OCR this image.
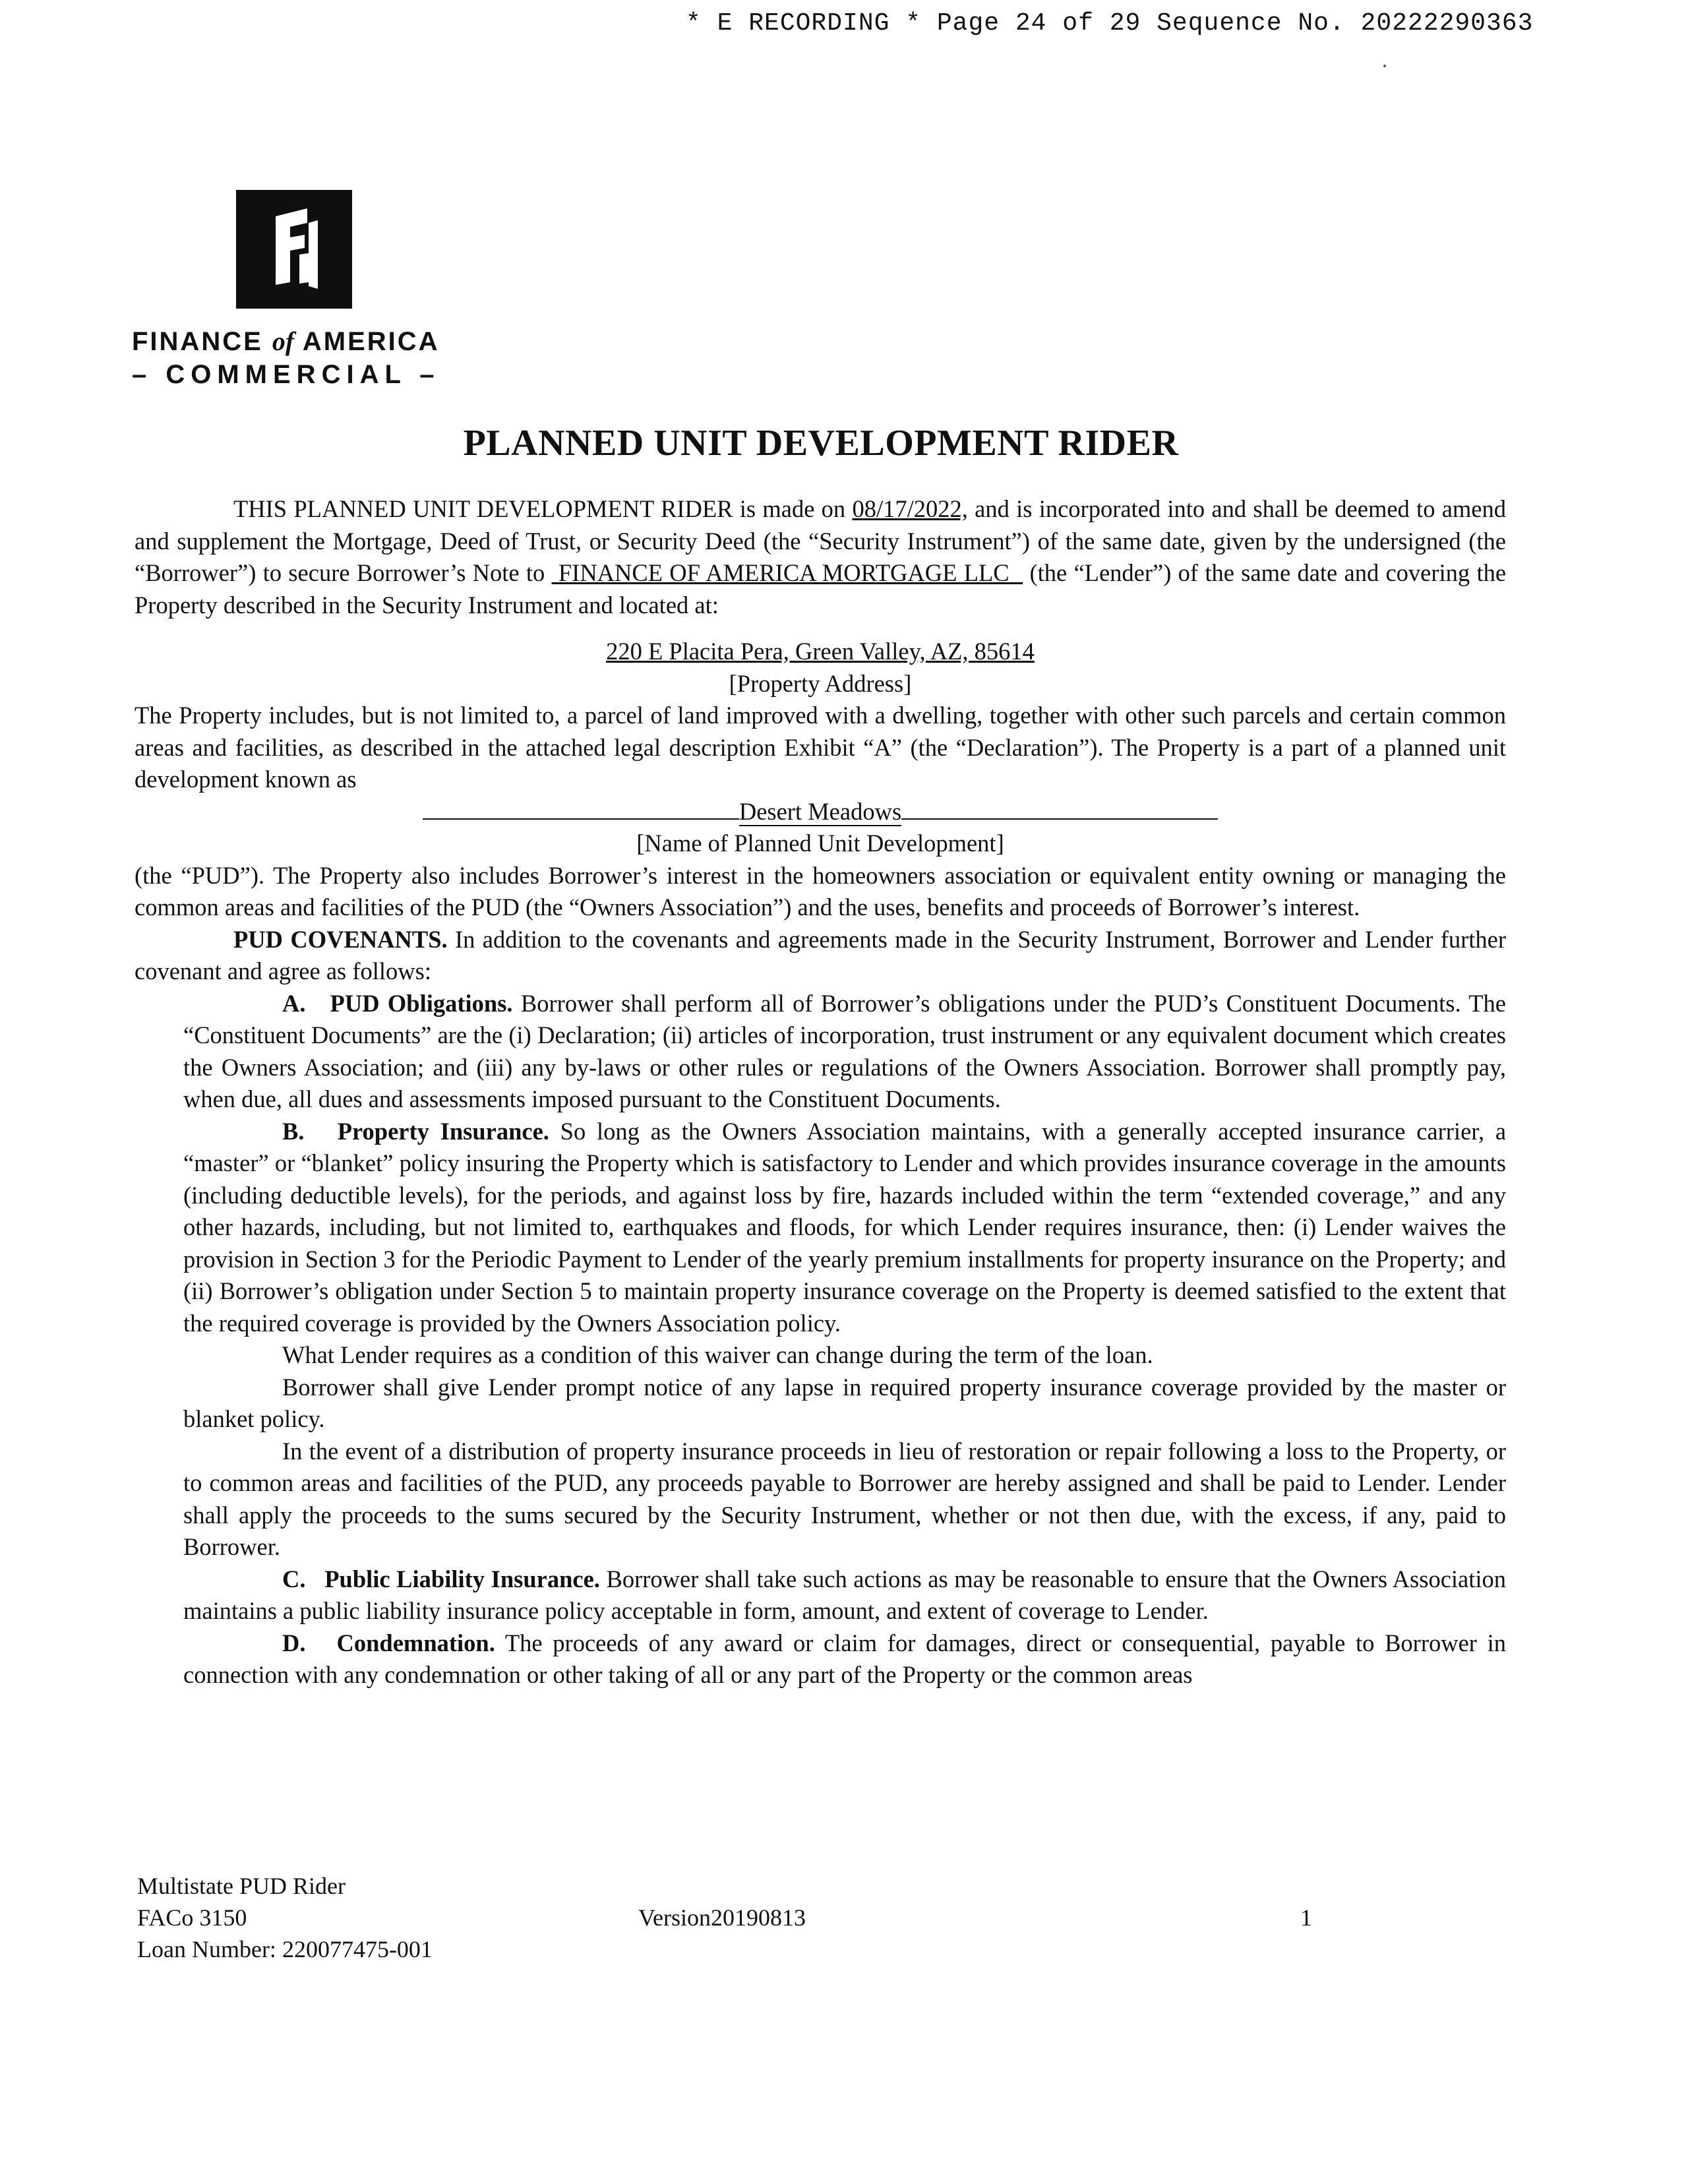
* E RECORDING * Page 24 of 29 Sequence No. 20222290363
FINANCE of AMERICA
– COMMERCIAL –
PLANNED UNIT DEVELOPMENT RIDER

THIS PLANNED UNIT DEVELOPMENT RIDER is made on 08/17/2022, and is incorporated into and shall be deemed to amend and supplement the Mortgage, Deed of Trust, or Security Deed (the “Security Instrument”) of the same date, given by the undersigned (the “Borrower”) to secure Borrower’s Note to FINANCE OF AMERICA MORTGAGE LLC (the “Lender”) of the same date and covering the Property described in the Security Instrument and located at:

220 E Placita Pera, Green Valley, AZ, 85614

[Property Address]

The Property includes, but is not limited to, a parcel of land improved with a dwelling, together with other such parcels and certain common areas and facilities, as described in the attached legal description Exhibit “A” (the “Declaration”). The Property is a part of a planned unit development known as

Desert Meadows

[Name of Planned Unit Development]

(the “PUD”). The Property also includes Borrower’s interest in the homeowners association or equivalent entity owning or managing the common areas and facilities of the PUD (the “Owners Association”) and the uses, benefits and proceeds of Borrower’s interest.

PUD COVENANTS. In addition to the covenants and agreements made in the Security Instrument, Borrower and Lender further covenant and agree as follows:

A. PUD Obligations. Borrower shall perform all of Borrower’s obligations under the PUD’s Constituent Documents. The “Constituent Documents” are the (i) Declaration; (ii) articles of incorporation, trust instrument or any equivalent document which creates the Owners Association; and (iii) any by-laws or other rules or regulations of the Owners Association. Borrower shall promptly pay, when due, all dues and assessments imposed pursuant to the Constituent Documents.

B. Property Insurance. So long as the Owners Association maintains, with a generally accepted insurance carrier, a “master” or “blanket” policy insuring the Property which is satisfactory to Lender and which provides insurance coverage in the amounts (including deductible levels), for the periods, and against loss by fire, hazards included within the term “extended coverage,” and any other hazards, including, but not limited to, earthquakes and floods, for which Lender requires insurance, then: (i) Lender waives the provision in Section 3 for the Periodic Payment to Lender of the yearly premium installments for property insurance on the Property; and (ii) Borrower’s obligation under Section 5 to maintain property insurance coverage on the Property is deemed satisfied to the extent that the required coverage is provided by the Owners Association policy.

What Lender requires as a condition of this waiver can change during the term of the loan.

Borrower shall give Lender prompt notice of any lapse in required property insurance coverage provided by the master or blanket policy.

In the event of a distribution of property insurance proceeds in lieu of restoration or repair following a loss to the Property, or to common areas and facilities of the PUD, any proceeds payable to Borrower are hereby assigned and shall be paid to Lender. Lender shall apply the proceeds to the sums secured by the Security Instrument, whether or not then due, with the excess, if any, paid to Borrower.

C. Public Liability Insurance. Borrower shall take such actions as may be reasonable to ensure that the Owners Association maintains a public liability insurance policy acceptable in form, amount, and extent of coverage to Lender.

D. Condemnation. The proceeds of any award or claim for damages, direct or consequential, payable to Borrower in connection with any condemnation or other taking of all or any part of the Property or the common areas

Multistate PUD Rider
FACo 3150
Loan Number: 220077475-001
Version20190813	1
